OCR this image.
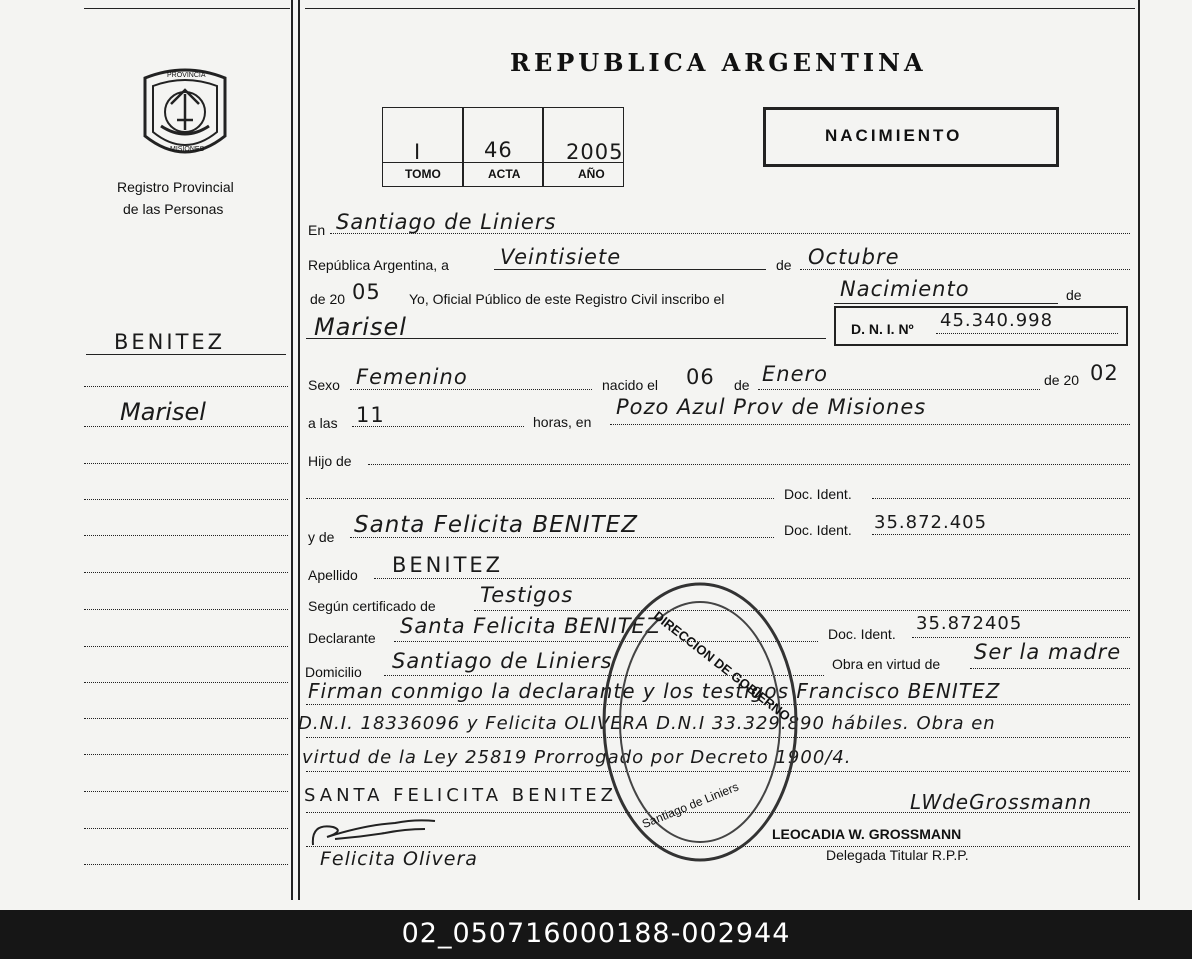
PROVINCIA
MISIONES
Registro Provincial
de las Personas
BENITEZ
Marisel
REPUBLICA ARGENTINA
I	46	2005
TOMO	ACTA	AÑO
NACIMIENTO
En Santiago de Liniers
República Argentina, a Veintisiete	de Octubre
de 20 05 Yo, Oficial Público de este Registro Civil inscribo el	Nacimiento	de
Marisel	D. N. I. Nº 45.340.998
Sexo Femenino	nacido el 06 de Enero	de 20 02
a las 11	horas, en
Pozo Azul Prov de Misiones
Hijo de
Doc. Ident.
y de Santa Felicita BENITEZ	Doc. Ident. 35.872.405
Apellido BENITEZ
Según certificado de Testigos
Declarante Santa Felicita BENITEZ	Doc. Ident. 35.872405
Domicilio Santiago de Liniers	Obra en virtud de Ser la madre
Firman conmigo la declarante y los testigos Francisco BENITEZ
D.N.I. 18336096 y Felicita OLIVERA D.N.I 33.329.890 hábiles. Obra en
virtud de la Ley 25819 Prorrogado por Decreto 1900/4.
SANTA FELICITA BENITEZ
Felicita Olivera
LWdeGrossmann
LEOCADIA W. GROSSMANN
Delegada Titular R.P.P.
DIRECCION DE GOBIERNO
Santiago de Liniers
02_050716000188-002944
